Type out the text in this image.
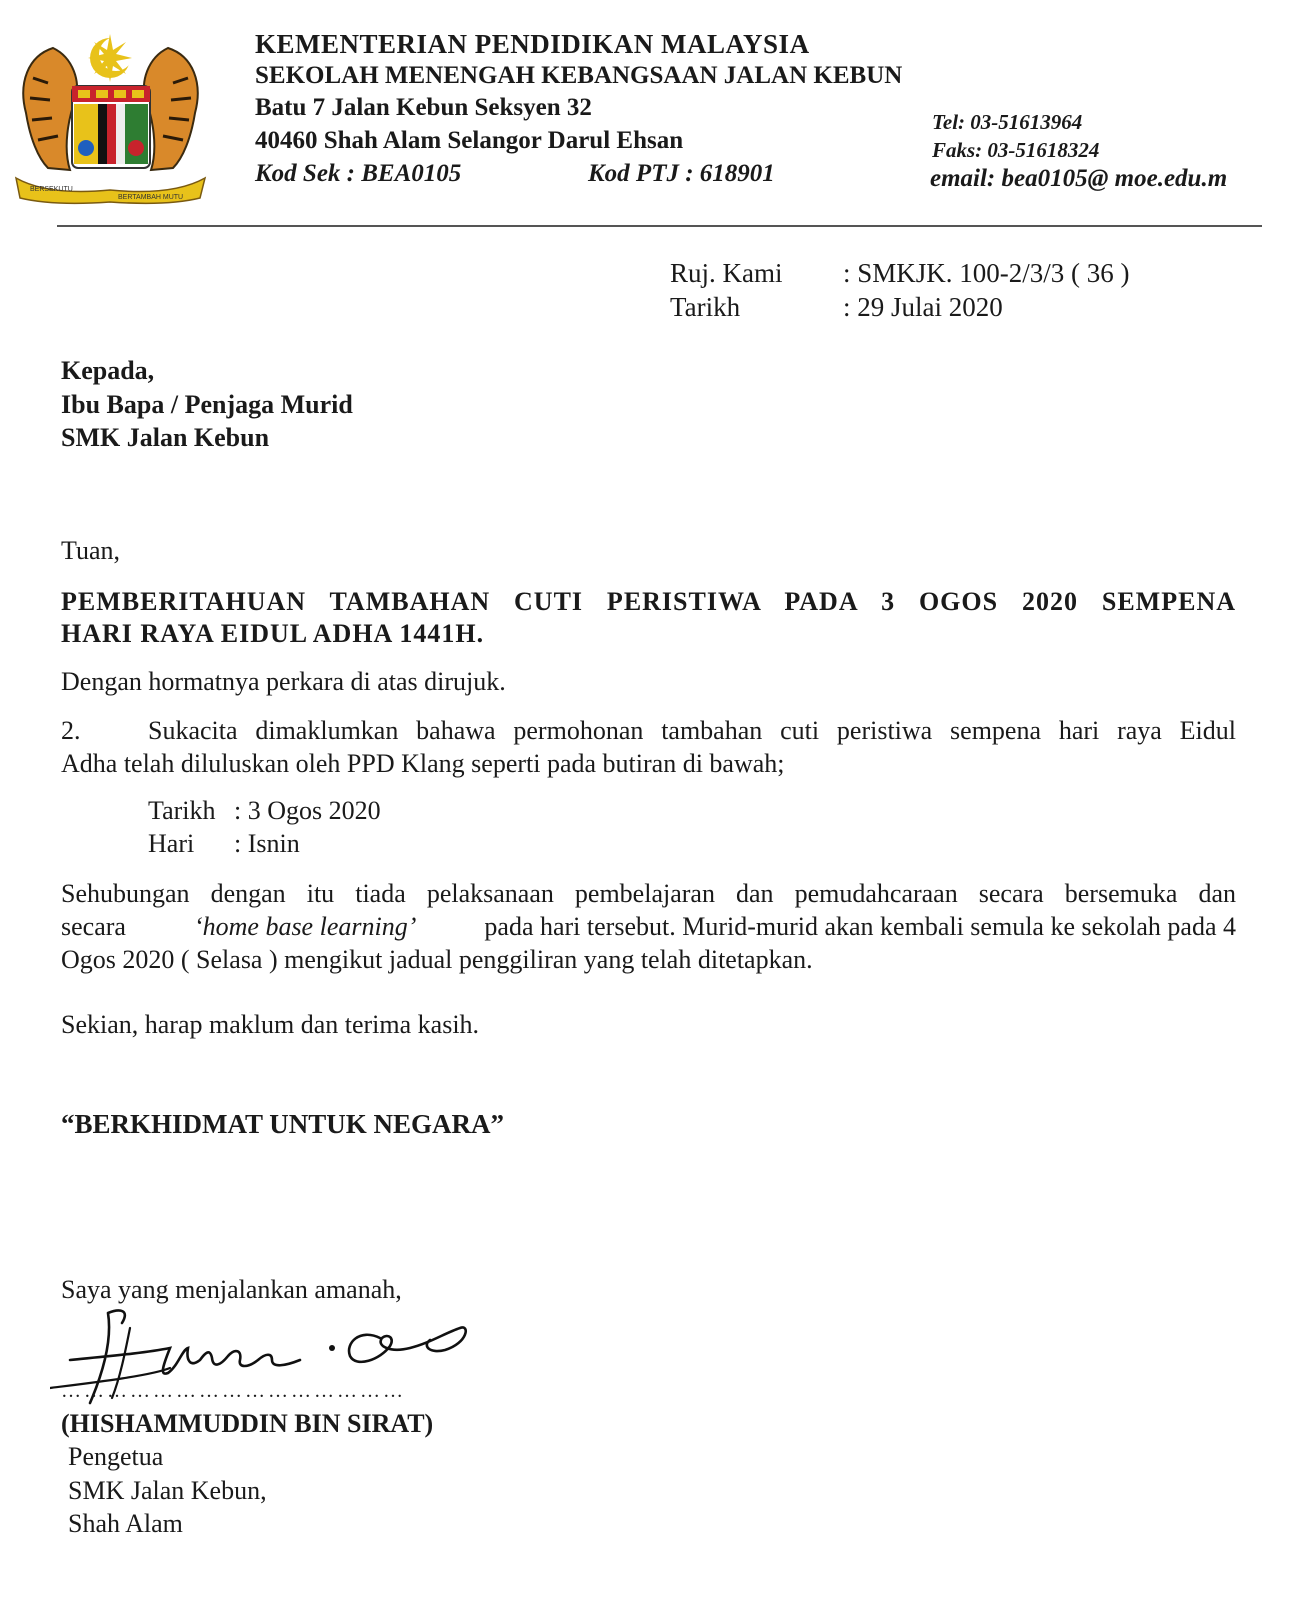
BERSEKUTU
BERTAMBAH MUTU
KEMENTERIAN PENDIDIKAN MALAYSIA
SEKOLAH MENENGAH KEBANGSAAN JALAN KEBUN
Batu 7 Jalan Kebun Seksyen 32
40460 Shah Alam Selangor Darul Ehsan
Kod Sek : BEA0105	Kod PTJ : 618901
Tel: 03-51613964
Faks: 03-51618324
email: bea0105@ moe.edu.m
Ruj. Kami : SMKJK. 100-2/3/3 ( 36 )
Tarikh	: 29 Julai 2020
Kepada,
Ibu Bapa / Penjaga Murid
SMK Jalan Kebun
Tuan,
PEMBERITAHUAN TAMBAHAN CUTI PERISTIWA PADA 3 OGOS 2020 SEMPENA
HARI RAYA EIDUL ADHA 1441H.
Dengan hormatnya perkara di atas dirujuk.
2.	Sukacita dimaklumkan bahawa permohonan tambahan cuti peristiwa sempena hari raya Eidul
Adha telah diluluskan oleh PPD Klang seperti pada butiran di bawah;
Tarikh : 3 Ogos 2020
Hari : Isnin
Sehubungan dengan itu tiada pelaksanaan pembelajaran dan pemudahcaraan secara bersemuka dan
secara	‘home base learning’	pada hari tersebut. Murid-murid akan kembali semula ke sekolah pada 4
Ogos 2020 ( Selasa ) mengikut jadual penggiliran yang telah ditetapkan.
Sekian, harap maklum dan terima kasih.
“BERKHIDMAT UNTUK NEGARA”
Saya yang menjalankan amanah,
………………………………………
(HISHAMMUDDIN BIN SIRAT)
Pengetua
SMK Jalan Kebun,
Shah Alam
